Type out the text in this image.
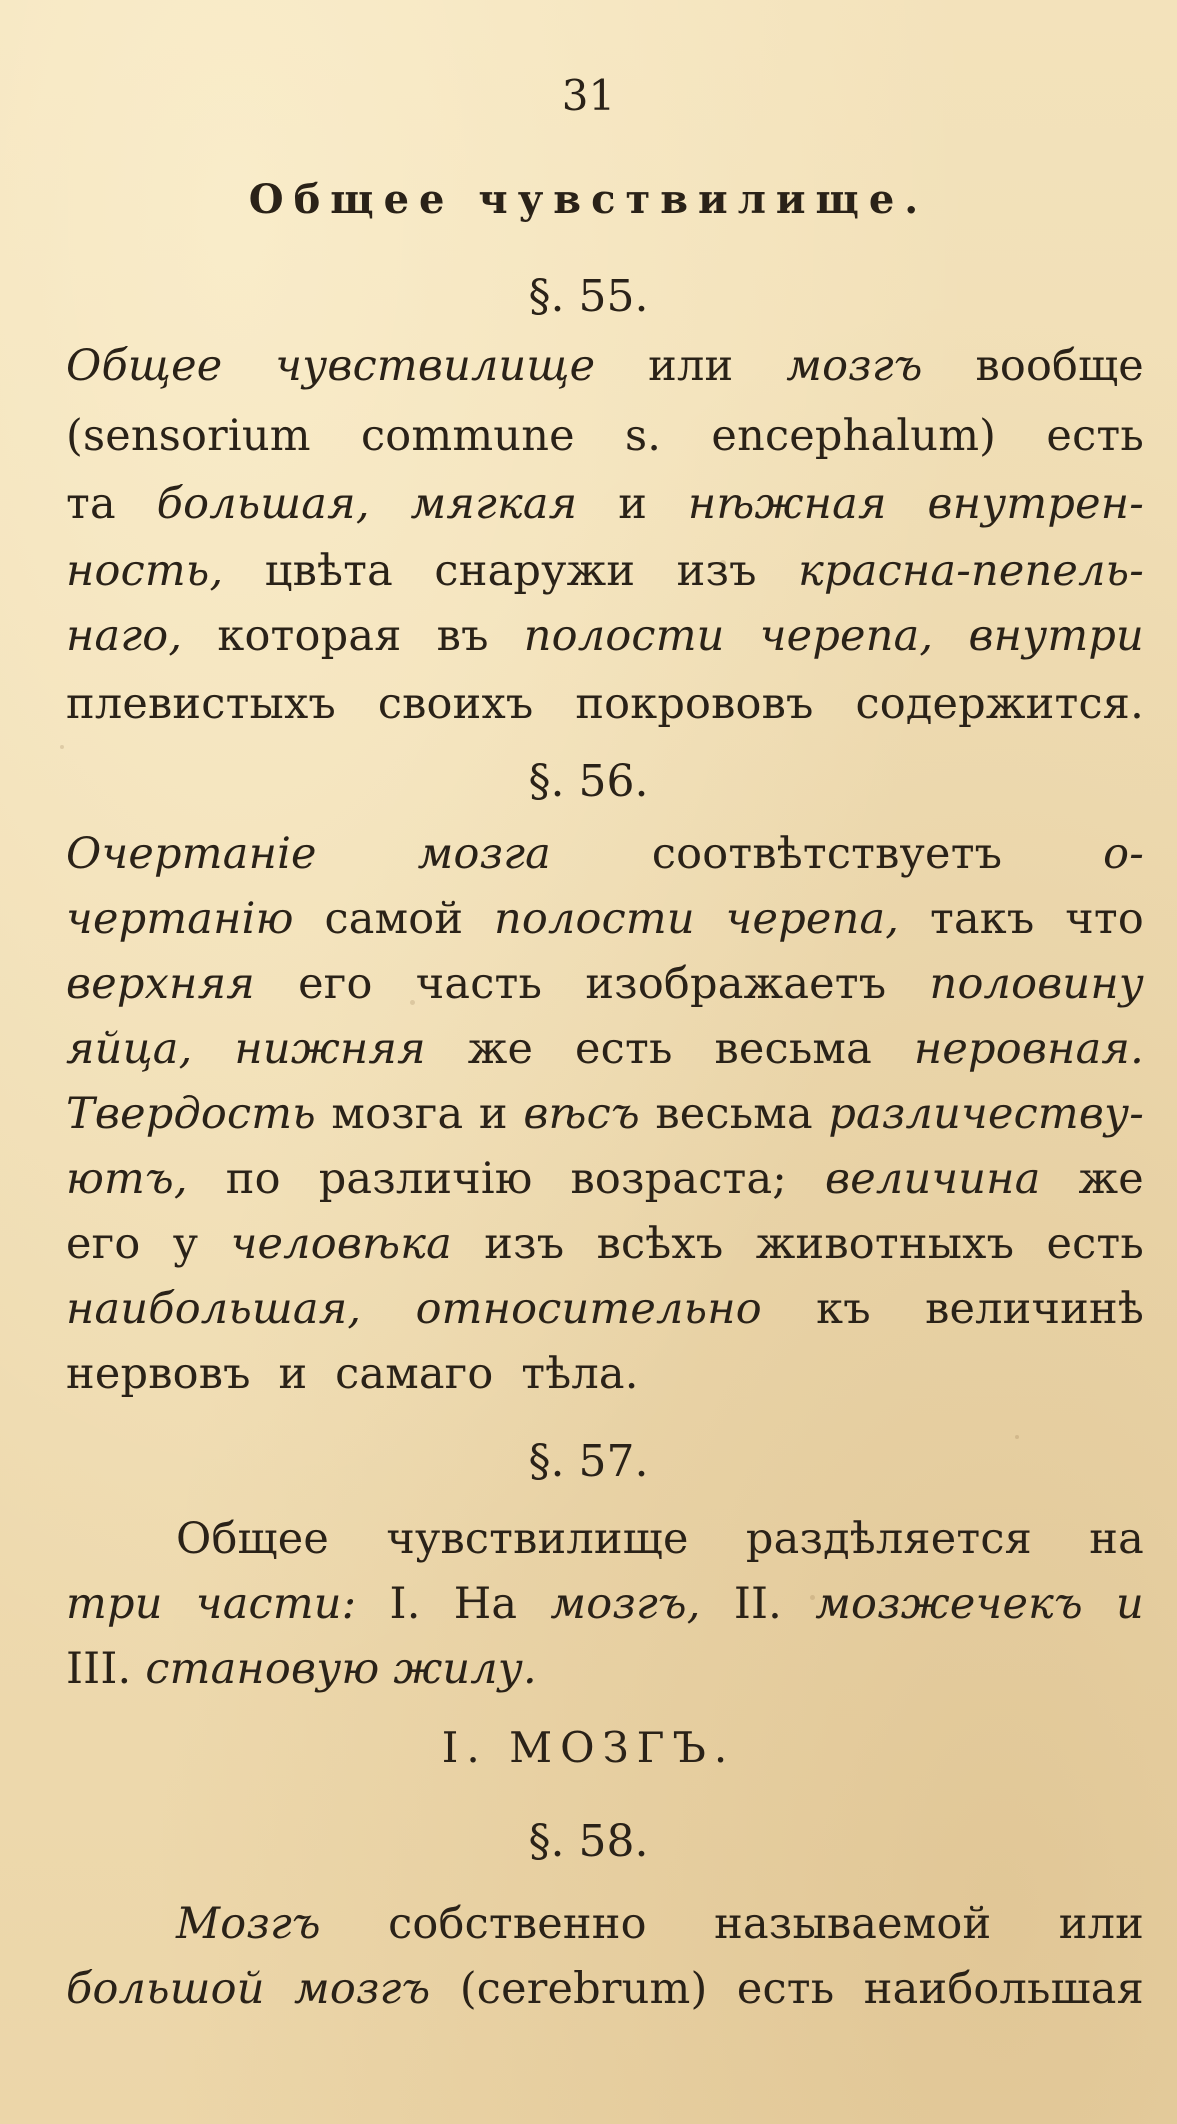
31
Общее чувствилище.
§. 55.
Общее чувствилище или мозгъ вообще
(sensorium commune s. encephalum) есть
та большая, мягкая и нѣжная внутрен-
ность, цвѣта снаружи изъ красна-пепель-
наго, которая въ полости черепа, внутри
плевистыхъ своихъ покрововъ содержится.
§. 56.
Очертаніе мозга соотвѣтствуетъ о-
чертанію самой полости черепа, такъ что
верхняя его часть изображаетъ половину
яйца, нижняя же есть весьма неровная.
Твердость мозга и вѣсъ весьма различеству-
ютъ, по различію возраста; величина же
его у человѣка изъ всѣхъ животныхъ есть
наибольшая, относительно къ величинѣ
нервовъ и самаго тѣла.
§. 57.
Общее чувствилище раздѣляется на
три части: I. На мозгъ, II. мозжечекъ и
III. становую жилу.
I. МОЗГЪ.
§. 58.
Мозгъ собственно называемой или
большой мозгъ (cerebrum) есть наибольшая
